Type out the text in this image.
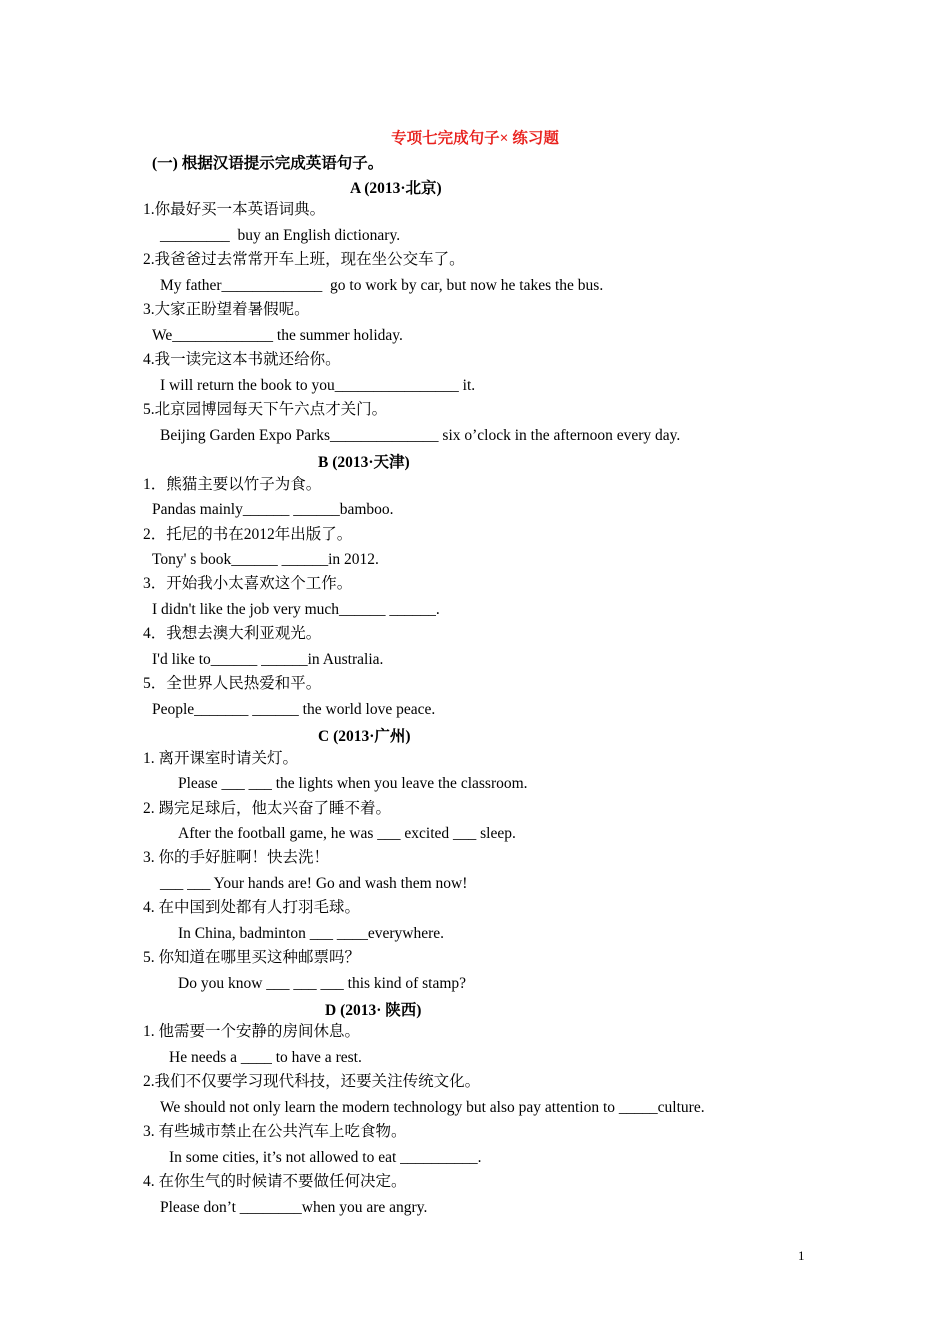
专项七完成句子× 练习题
(一) 根据汉语提示完成英语句子。
A (2013·北京)
1.你最好买一本英语词典。
_________  buy an English dictionary.
2.我爸爸过去常常开车上班，现在坐公交车了。
My father_____________  go to work by car, but now he takes the bus.
3.大家正盼望着暑假呢。
We_____________ the summer holiday.
4.我一读完这本书就还给你。
I will return the book to you________________ it.
5.北京园博园每天下午六点才关门。
Beijing Garden Expo Parks______________ six o’clock in the afternoon every day.
B (2013·天津)
1．熊猫主要以竹子为食。
Pandas mainly______ ______bamboo.
2．托尼的书在2012年出版了。
Tony' s book______ ______in 2012.
3．开始我小太喜欢这个工作。
I didn't like the job very much______ ______.
4．我想去澳大利亚观光。
I'd like to______ ______in Australia.
5．全世界人民热爱和平。
People_______ ______ the world love peace.
C (2013·广州)
1. 离开课室时请关灯。
Please ___ ___ the lights when you leave the classroom.
2. 踢完足球后，他太兴奋了睡不着。
After the football game, he was ___ excited ___ sleep.
3. 你的手好脏啊！快去洗！
___ ___ Your hands are! Go and wash them now!
4. 在中国到处都有人打羽毛球。
In China, badminton ___ ____everywhere.
5. 你知道在哪里买这种邮票吗？
Do you know ___ ___ ___ this kind of stamp?
D (2013· 陕西)
1. 他需要一个安静的房间休息。
He needs a ____ to have a rest.
2.我们不仅要学习现代科技，还要关注传统文化。
We should not only learn the modern technology but also pay attention to _____culture.
3. 有些城市禁止在公共汽车上吃食物。
In some cities, it’s not allowed to eat __________.
4. 在你生气的时候请不要做任何决定。
Please don’t ________when you are angry.
1
